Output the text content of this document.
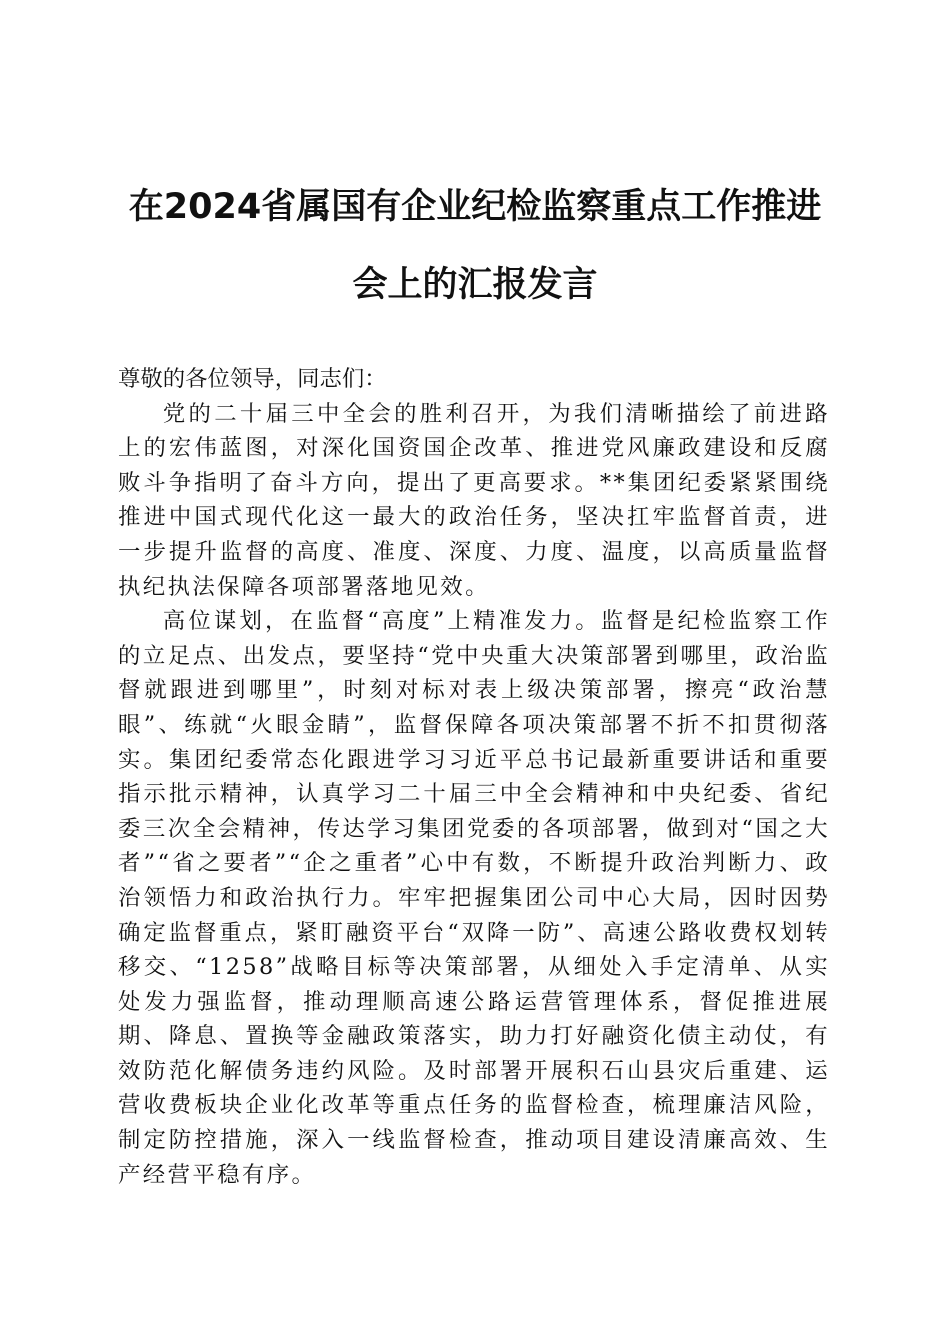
在2024省属国有企业纪检监察重点工作推进
会上的汇报发言

尊敬的各位领导，同志们：

党的二十届三中全会的胜利召开，为我们清晰描绘了前进路上的宏伟蓝图，对深化国资国企改革、推进党风廉政建设和反腐败斗争指明了奋斗方向，提出了更高要求。**集团纪委紧紧围绕推进中国式现代化这一最大的政治任务，坚决扛牢监督首责，进一步提升监督的高度、准度、深度、力度、温度，以高质量监督执纪执法保障各项部署落地见效。

高位谋划，在监督“高度”上精准发力。监督是纪检监察工作的立足点、出发点，要坚持“党中央重大决策部署到哪里，政治监督就跟进到哪里”，时刻对标对表上级决策部署，擦亮“政治慧眼”、练就“火眼金睛”，监督保障各项决策部署不折不扣贯彻落实。集团纪委常态化跟进学习习近平总书记最新重要讲话和重要指示批示精神，认真学习二十届三中全会精神和中央纪委、省纪委三次全会精神，传达学习集团党委的各项部署，做到对“国之大者”“省之要者”“企之重者”心中有数，不断提升政治判断力、政治领悟力和政治执行力。牢牢把握集团公司中心大局，因时因势确定监督重点，紧盯融资平台“双降一防”、高速公路收费权划转移交、“1258”战略目标等决策部署，从细处入手定清单、从实处发力强监督，推动理顺高速公路运营管理体系，督促推进展期、降息、置换等金融政策落实，助力打好融资化债主动仗，有效防范化解债务违约风险。及时部署开展积石山县灾后重建、运营收费板块企业化改革等重点任务的监督检查，梳理廉洁风险，制定防控措施，深入一线监督检查，推动项目建设清廉高效、生产经营平稳有序。
